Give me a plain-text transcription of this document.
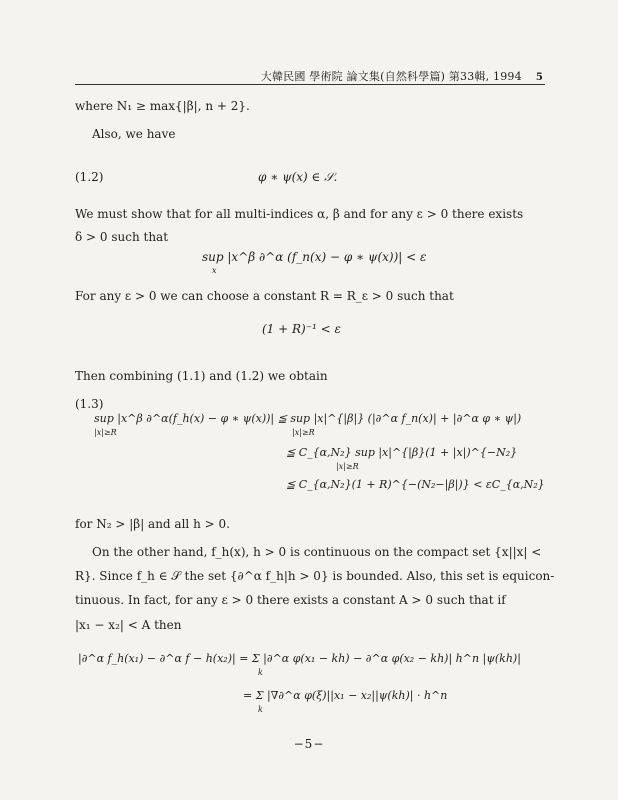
大韓民國 學術院 論文集(自然科學篇) 第33輯, 1994 5
where N₁ ≥ max{|β|, n + 2}.
Also, we have
(1.2)	φ ∗ ψ(x) ∈ 𝒮.
We must show that for all multi-indices α, β and for any ε > 0 there exists
δ > 0 such that
sup |x^β ∂^α (f_n(x) − φ ∗ ψ(x))| < ε
x
For any ε > 0 we can choose a constant R = R_ε > 0 such that
(1 + R)⁻¹ < ε
Then combining (1.1) and (1.2) we obtain
(1.3)
sup |x^β ∂^α(f_h(x) − φ ∗ ψ(x))| ≦ sup |x|^{|β|} (|∂^α f_n(x)| + |∂^α φ ∗ ψ|)
|x|≥R	|x|≥R
≦ C_{α,N₂} sup |x|^{|β}(1 + |x|)^{−N₂}
|x|≥R
≦ C_{α,N₂}(1 + R)^{−(N₂−|β|)} < εC_{α,N₂}
for N₂ > |β| and all h > 0.
On the other hand, f_h(x), h > 0 is continuous on the compact set {x||x| <
R}. Since f_h ∈ 𝒮 the set {∂^α f_h|h > 0} is bounded. Also, this set is equicon-
tinuous. In fact, for any ε > 0 there exists a constant A > 0 such that if
|x₁ − x₂| < A then
|∂^α f_h(x₁) − ∂^α f − h(x₂)| = Σ |∂^α φ(x₁ − kh) − ∂^α φ(x₂ − kh)| h^n |ψ(kh)|
k
= Σ |∇∂^α φ(ξ)||x₁ − x₂||ψ(kh)| · h^n
k
−5−
